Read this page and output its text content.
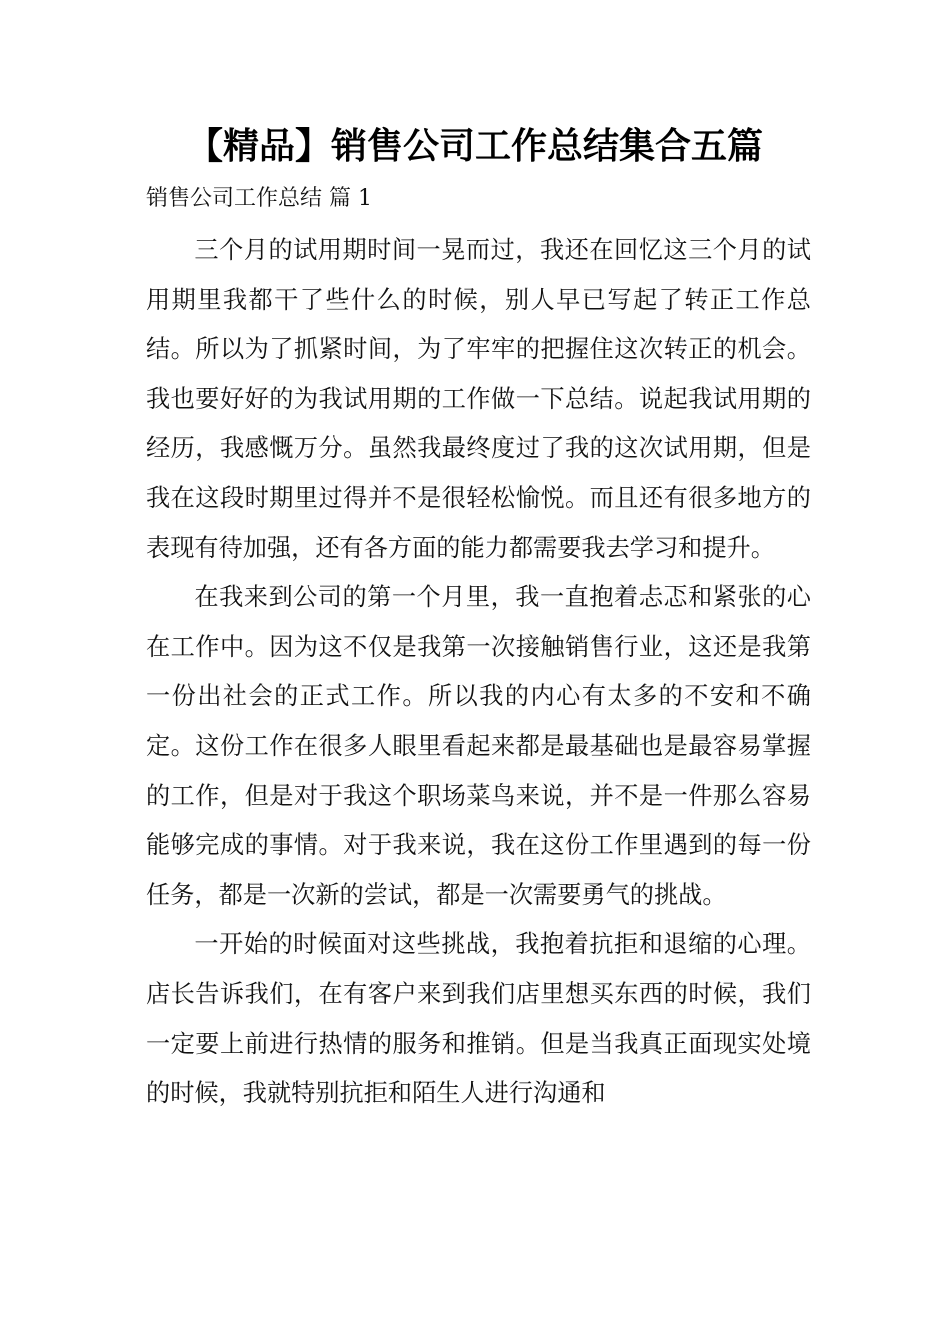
【精品】销售公司工作总结集合五篇
销售公司工作总结 篇 1

三个月的试用期时间一晃而过，我还在回忆这三个月的试用期里我都干了些什么的时候，别人早已写起了转正工作总结。所以为了抓紧时间，为了牢牢的把握住这次转正的机会。我也要好好的为我试用期的工作做一下总结。说起我试用期的经历，我感慨万分。虽然我最终度过了我的这次试用期，但是我在这段时期里过得并不是很轻松愉悦。而且还有很多地方的表现有待加强，还有各方面的能力都需要我去学习和提升。

在我来到公司的第一个月里，我一直抱着忐忑和紧张的心在工作中。因为这不仅是我第一次接触销售行业，这还是我第一份出社会的正式工作。所以我的内心有太多的不安和不确定。这份工作在很多人眼里看起来都是最基础也是最容易掌握的工作，但是对于我这个职场菜鸟来说，并不是一件那么容易能够完成的事情。对于我来说，我在这份工作里遇到的每一份任务，都是一次新的尝试，都是一次需要勇气的挑战。

一开始的时候面对这些挑战，我抱着抗拒和退缩的心理。店长告诉我们，在有客户来到我们店里想买东西的时候，我们一定要上前进行热情的服务和推销。但是当我真正面现实处境的时候，我就特别抗拒和陌生人进行沟通和
